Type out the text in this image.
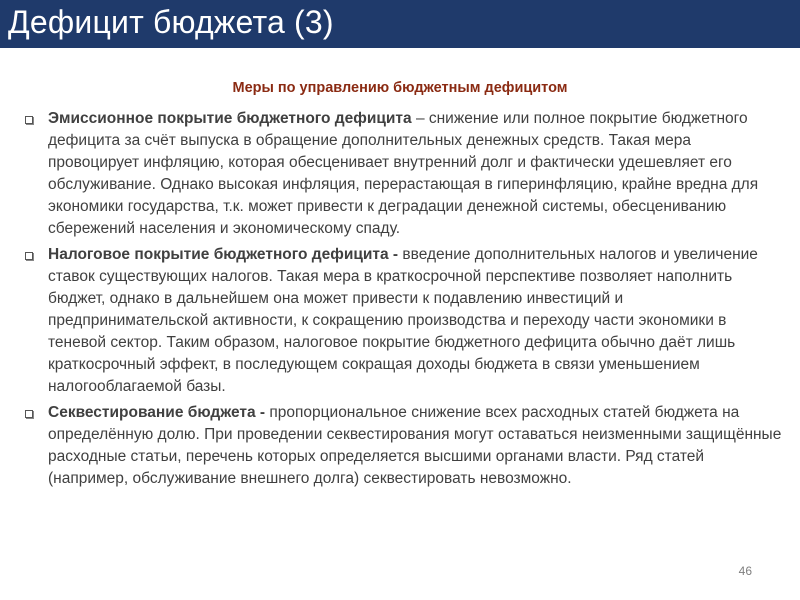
Дефицит бюджета (3)
Меры по управлению бюджетным дефицитом
Эмиссионное покрытие бюджетного дефицита – снижение или полное покрытие бюджетного дефицита за счёт выпуска в обращение дополнительных денежных средств. Такая мера провоцирует инфляцию, которая обесценивает внутренний долг и фактически удешевляет его обслуживание. Однако высокая инфляция, перерастающая в гиперинфляцию, крайне вредна для экономики государства, т.к. может привести к деградации денежной системы, обесцениванию сбережений населения и экономическому спаду.
Налоговое покрытие бюджетного дефицита - введение дополнительных налогов и увеличение ставок существующих налогов. Такая мера в краткосрочной перспективе позволяет наполнить бюджет, однако в дальнейшем она может привести к подавлению инвестиций и предпринимательской активности, к сокращению производства и переходу части экономики в теневой сектор. Таким образом, налоговое покрытие бюджетного дефицита обычно даёт лишь краткосрочный эффект, в последующем сокращая доходы бюджета в связи уменьшением налогооблагаемой базы.
Секвестирование бюджета - пропорциональное снижение всех расходных статей бюджета на определённую долю. При проведении секвестирования могут оставаться неизменными защищённые расходные статьи, перечень которых определяется высшими органами власти. Ряд статей (например, обслуживание внешнего долга) секвестировать невозможно.
46
